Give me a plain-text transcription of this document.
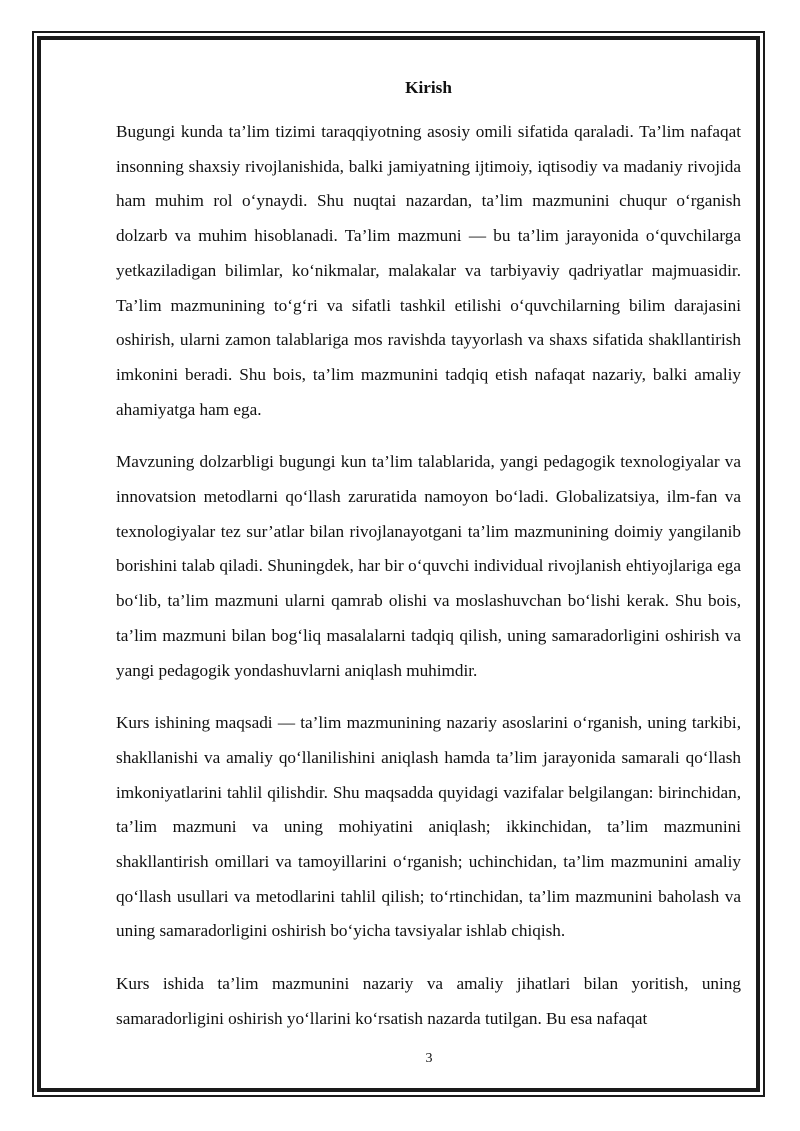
Kirish

Bugungi kunda ta’lim tizimi taraqqiyotning asosiy omili sifatida qaraladi. Ta’lim nafaqat insonning shaxsiy rivojlanishida, balki jamiyatning ijtimoiy, iqtisodiy va madaniy rivojida ham muhim rol oʻynaydi. Shu nuqtai nazardan, ta’lim mazmunini chuqur oʻrganish dolzarb va muhim hisoblanadi. Ta’lim mazmuni — bu ta’lim jarayonida oʻquvchilarga yetkaziladigan bilimlar, koʻnikmalar, malakalar va tarbiyaviy qadriyatlar majmuasidir. Ta’lim mazmunining toʻgʻri va sifatli tashkil etilishi oʻquvchilarning bilim darajasini oshirish, ularni zamon talablariga mos ravishda tayyorlash va shaxs sifatida shakllantirish imkonini beradi. Shu bois, ta’lim mazmunini tadqiq etish nafaqat nazariy, balki amaliy ahamiyatga ham ega.

Mavzuning dolzarbligi bugungi kun ta’lim talablarida, yangi pedagogik texnologiyalar va innovatsion metodlarni qoʻllash zaruratida namoyon boʻladi. Globalizatsiya, ilm-fan va texnologiyalar tez sur’atlar bilan rivojlanayotgani ta’lim mazmunining doimiy yangilanib borishini talab qiladi. Shuningdek, har bir oʻquvchi individual rivojlanish ehtiyojlariga ega boʻlib, ta’lim mazmuni ularni qamrab olishi va moslashuvchan boʻlishi kerak. Shu bois, ta’lim mazmuni bilan bogʻliq masalalarni tadqiq qilish, uning samaradorligini oshirish va yangi pedagogik yondashuvlarni aniqlash muhimdir.

Kurs ishining maqsadi — ta’lim mazmunining nazariy asoslarini oʻrganish, uning tarkibi, shakllanishi va amaliy qoʻllanilishini aniqlash hamda ta’lim jarayonida samarali qoʻllash imkoniyatlarini tahlil qilishdir. Shu maqsadda quyidagi vazifalar belgilangan: birinchidan, ta’lim mazmuni va uning mohiyatini aniqlash; ikkinchidan, ta’lim mazmunini shakllantirish omillari va tamoyillarini oʻrganish; uchinchidan, ta’lim mazmunini amaliy qoʻllash usullari va metodlarini tahlil qilish; toʻrtinchidan, ta’lim mazmunini baholash va uning samaradorligini oshirish boʻyicha tavsiyalar ishlab chiqish.

Kurs ishida ta’lim mazmunini nazariy va amaliy jihatlari bilan yoritish, uning samaradorligini oshirish yoʻllarini koʻrsatish nazarda tutilgan. Bu esa nafaqat

3
